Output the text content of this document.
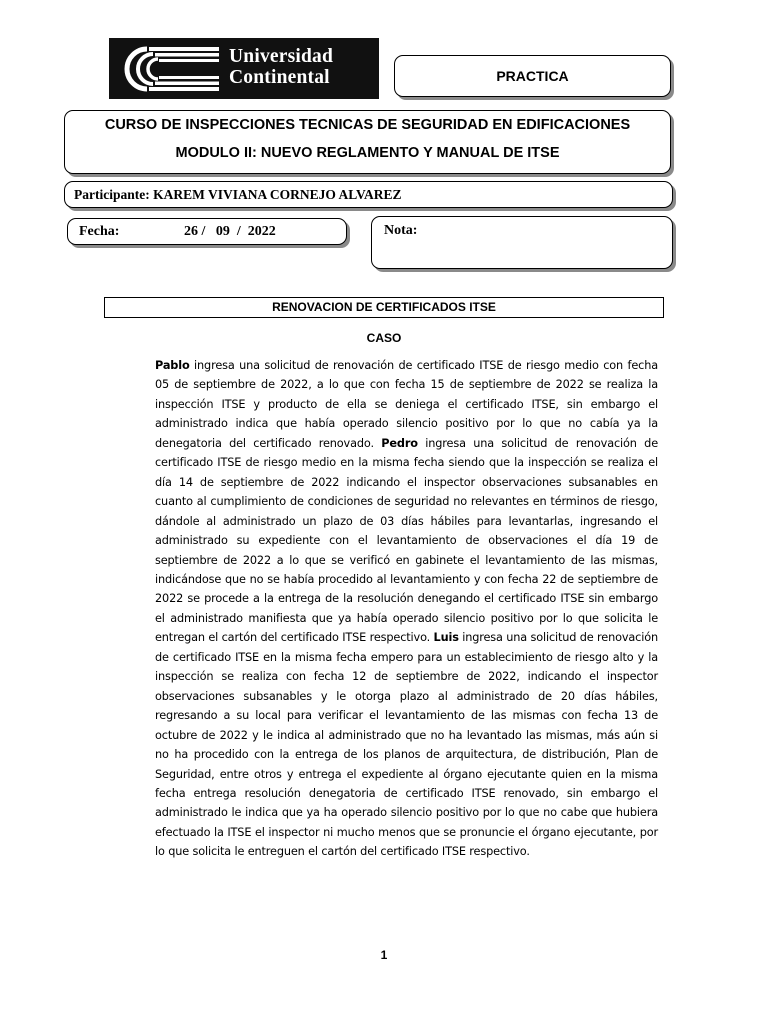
Universidad
Continental	PRACTICA
CURSO DE INSPECCIONES TECNICAS DE SEGURIDAD EN EDIFICACIONES
MODULO II: NUEVO REGLAMENTO Y MANUAL DE ITSE
Participante: KAREM VIVIANA CORNEJO ALVAREZ
Fecha:	26 /   09  /  2022	Nota:
RENOVACION DE CERTIFICADOS ITSE
CASO

Pablo ingresa una solicitud de renovación de certificado ITSE de riesgo medio con fecha 05 de septiembre de 2022, a lo que con fecha 15 de septiembre de 2022 se realiza la inspección ITSE y producto de ella se deniega el certificado ITSE, sin embargo el administrado indica que había operado silencio positivo por lo que no cabía ya la denegatoria del certificado renovado. Pedro ingresa una solicitud de renovación de certificado ITSE de riesgo medio en la misma fecha siendo que la inspección se realiza el día 14 de septiembre de 2022 indicando el inspector observaciones subsanables en cuanto al cumplimiento de condiciones de seguridad no relevantes en términos de riesgo, dándole al administrado un plazo de 03 días hábiles para levantarlas, ingresando el administrado su expediente con el levantamiento de observaciones el día 19 de septiembre de 2022 a lo que se verificó en gabinete el levantamiento de las mismas, indicándose que no se había procedido al levantamiento y con fecha 22 de septiembre de 2022 se procede a la entrega de la resolución denegando el certificado ITSE sin embargo el administrado manifiesta que ya había operado silencio positivo por lo que solicita le entregan el cartón del certificado ITSE respectivo. Luis ingresa una solicitud de renovación de certificado ITSE en la misma fecha empero para un establecimiento de riesgo alto y la inspección se realiza con fecha 12 de septiembre de 2022, indicando el inspector observaciones subsanables y le otorga plazo al administrado de 20 días hábiles, regresando a su local para verificar el levantamiento de las mismas con fecha 13 de octubre de 2022 y le indica al administrado que no ha levantado las mismas, más aún si no ha procedido con la entrega de los planos de arquitectura, de distribución, Plan de Seguridad, entre otros y entrega el expediente al órgano ejecutante quien en la misma fecha entrega resolución denegatoria de certificado ITSE renovado, sin embargo el administrado le indica que ya ha operado silencio positivo por lo que no cabe que hubiera efectuado la ITSE el inspector ni mucho menos que se pronuncie el órgano ejecutante, por lo que solicita le entreguen el cartón del certificado ITSE respectivo.

1
